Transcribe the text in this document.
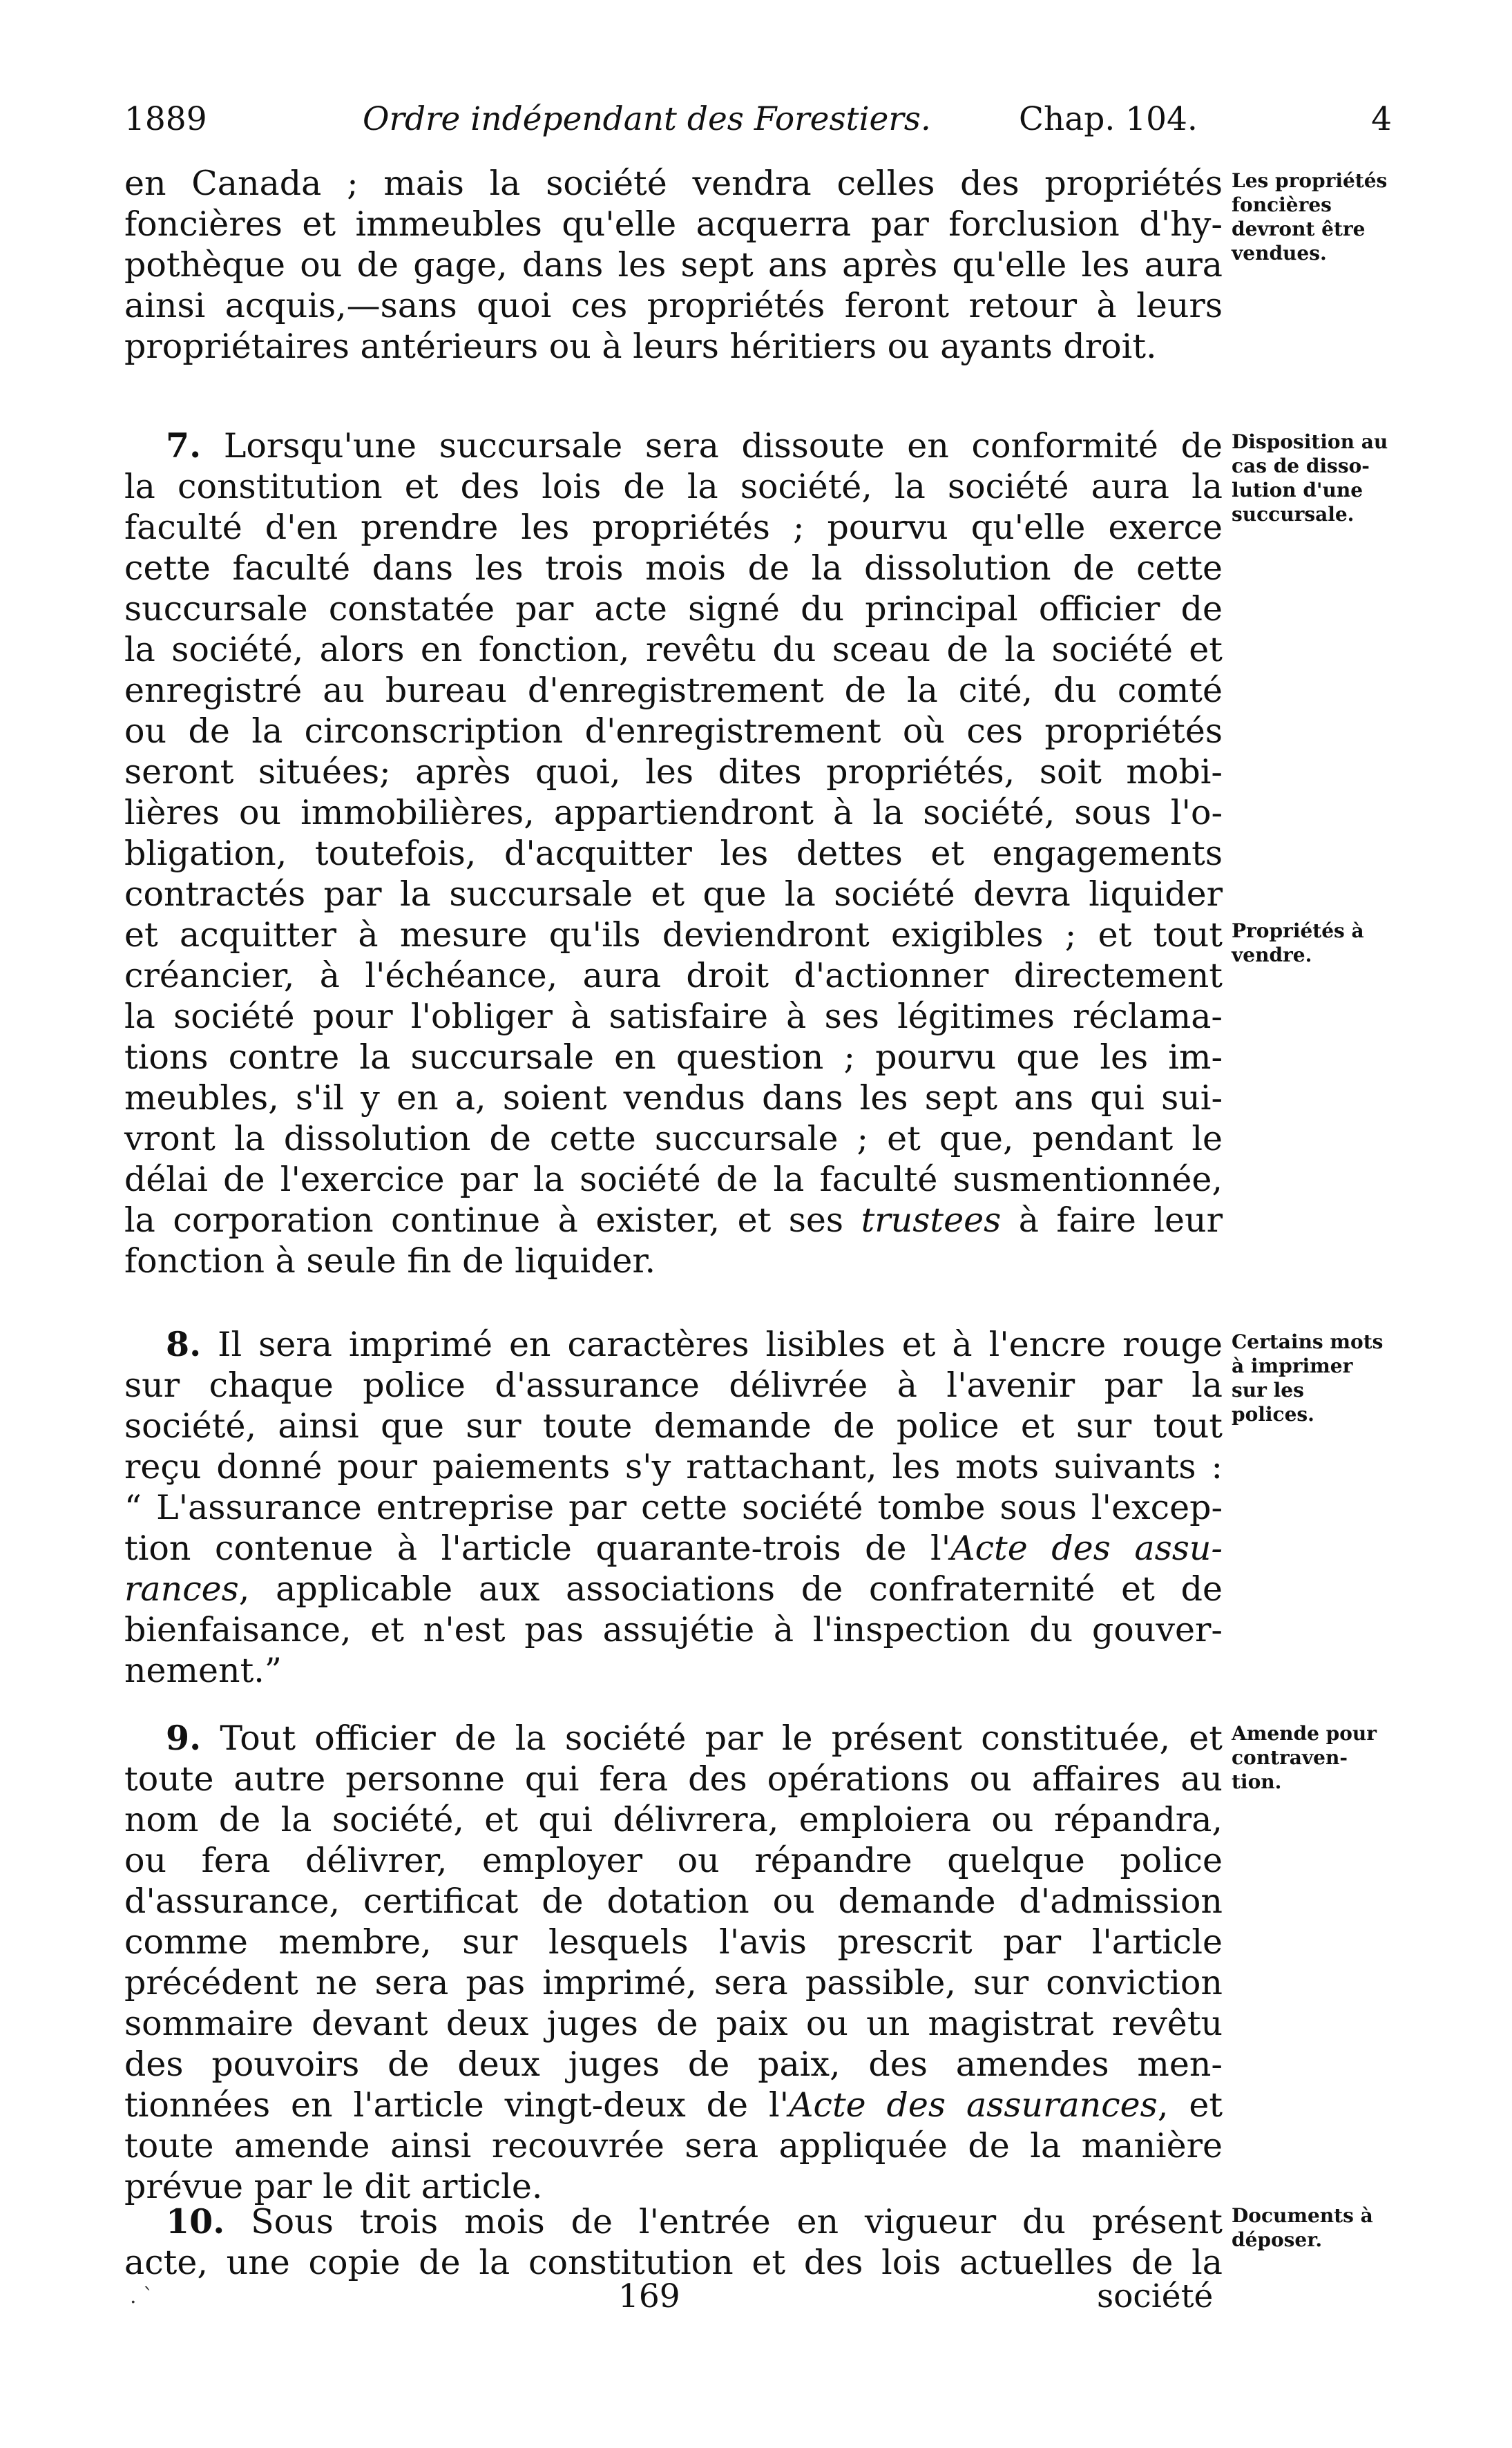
1889	Ordre indépendant des Forestiers.	Chap. 104.	4
en Canada ; mais la société vendra celles des propriétés
foncières et immeubles qu'elle acquerra par forclusion d'hy-
pothèque ou de gage, dans les sept ans après qu'elle les aura
ainsi acquis,—sans quoi ces propriétés feront retour à leurs
propriétaires antérieurs ou à leurs héritiers ou ayants droit.
7. Lorsqu'une succursale sera dissoute en conformité de
la constitution et des lois de la société, la société aura la
faculté d'en prendre les propriétés ; pourvu qu'elle exerce
cette faculté dans les trois mois de la dissolution de cette
succursale constatée par acte signé du principal officier de
la société, alors en fonction, revêtu du sceau de la société et
enregistré au bureau d'enregistrement de la cité, du comté
ou de la circonscription d'enregistrement où ces propriétés
seront situées; après quoi, les dites propriétés, soit mobi-
lières ou immobilières, appartiendront à la société, sous l'o-
bligation, toutefois, d'acquitter les dettes et engagements
contractés par la succursale et que la société devra liquider
et acquitter à mesure qu'ils deviendront exigibles ; et tout
créancier, à l'échéance, aura droit d'actionner directement
la société pour l'obliger à satisfaire à ses légitimes réclama-
tions contre la succursale en question ; pourvu que les im-
meubles, s'il y en a, soient vendus dans les sept ans qui sui-
vront la dissolution de cette succursale ; et que, pendant le
délai de l'exercice par la société de la faculté susmentionnée,
la corporation continue à exister, et ses trustees à faire leur
fonction à seule fin de liquider.
8. Il sera imprimé en caractères lisibles et à l'encre rouge
sur chaque police d'assurance délivrée à l'avenir par la
société, ainsi que sur toute demande de police et sur tout
reçu donné pour paiements s'y rattachant, les mots suivants :
“ L'assurance entreprise par cette société tombe sous l'excep-
tion contenue à l'article quarante-trois de l'Acte des assu-
rances, applicable aux associations de confraternité et de
bienfaisance, et n'est pas assujétie à l'inspection du gouver-
nement.”
9. Tout officier de la société par le présent constituée, et
toute autre personne qui fera des opérations ou affaires au
nom de la société, et qui délivrera, emploiera ou répandra,
ou fera délivrer, employer ou répandre quelque police
d'assurance, certificat de dotation ou demande d'admission
comme membre, sur lesquels l'avis prescrit par l'article
précédent ne sera pas imprimé, sera passible, sur conviction
sommaire devant deux juges de paix ou un magistrat revêtu
des pouvoirs de deux juges de paix, des amendes men-
tionnées en l'article vingt-deux de l'Acte des assurances, et
toute amende ainsi recouvrée sera appliquée de la manière
prévue par le dit article.
10. Sous trois mois de l'entrée en vigueur du présent
acte, une copie de la constitution et des lois actuelles de la
Les propriétés
foncières
devront être
vendues.
Disposition au
cas de disso-
lution d'une
succursale.
Propriétés à
vendre.
Certains mots
à imprimer
sur les
polices.
Amende pour
contraven-
tion.
Documents à
déposer.
. `	169	société
